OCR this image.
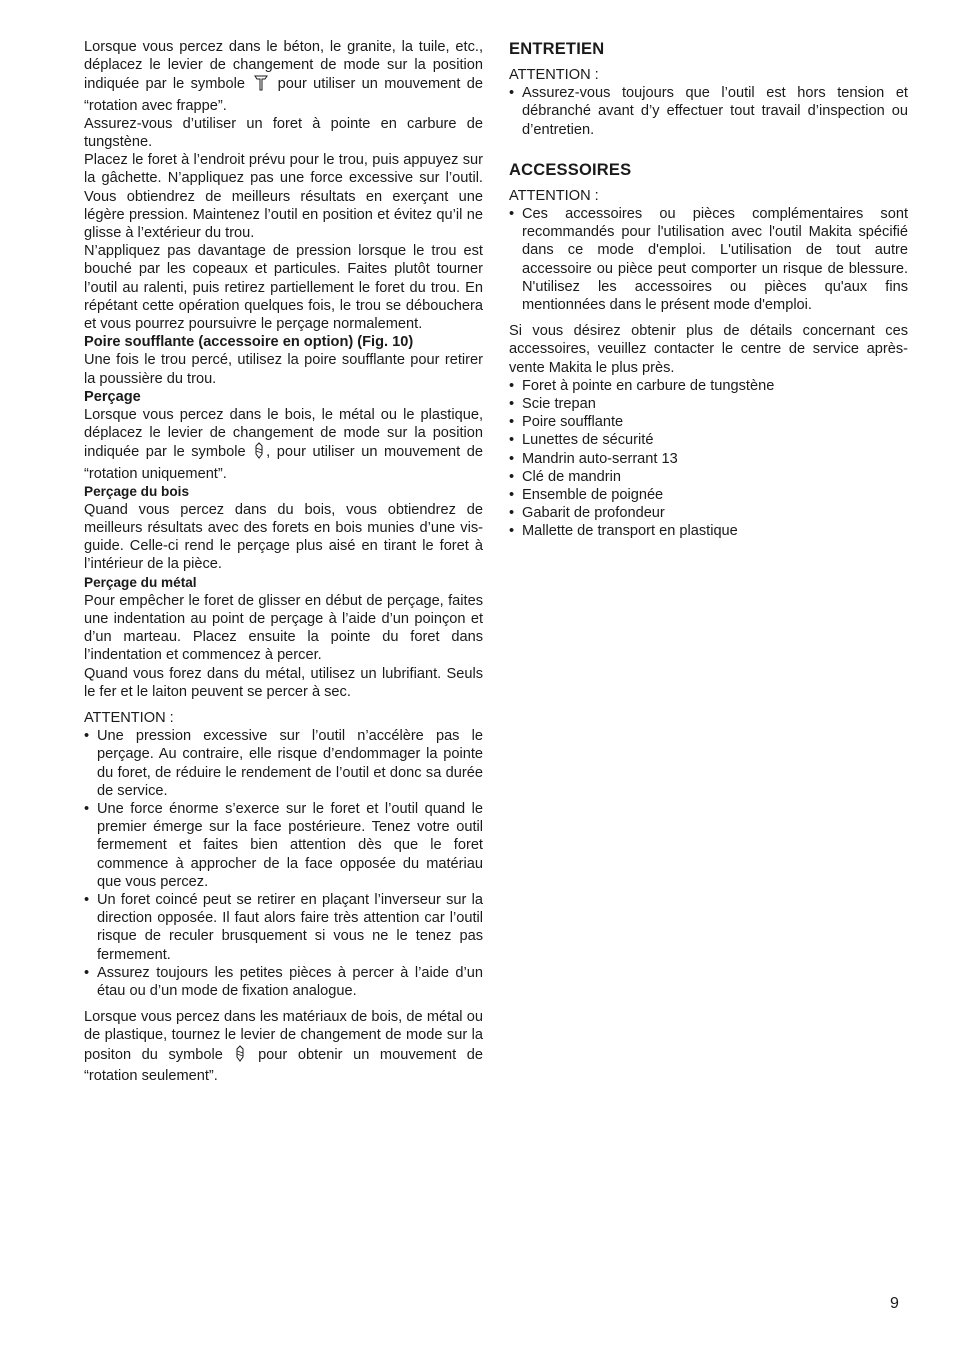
Lorsque vous percez dans le béton, le granite, la tuile, etc., déplacez le levier de changement de mode sur la position indiquée par le symbole pour utiliser un mouvement de “rotation avec frappe”.

Assurez-vous d’utiliser un foret à pointe en carbure de tungstène.

Placez le foret à l’endroit prévu pour le trou, puis appuyez sur la gâchette. N’appliquez pas une force excessive sur l’outil. Vous obtiendrez de meilleurs résultats en exerçant une légère pression. Maintenez l’outil en position et évitez qu’il ne glisse à l’extérieur du trou.

N’appliquez pas davantage de pression lorsque le trou est bouché par les copeaux et particules. Faites plutôt tourner l’outil au ralenti, puis retirez partiellement le foret du trou. En répétant cette opération quelques fois, le trou se débouchera et vous pourrez poursuivre le perçage normalement.

Poire soufflante (accessoire en option) (Fig. 10)

Une fois le trou percé, utilisez la poire soufflante pour retirer la poussière du trou.

Perçage

Lorsque vous percez dans le bois, le métal ou le plastique, déplacez le levier de changement de mode sur la position indiquée par le symbole , pour utiliser un mouvement de “rotation uniquement”.

Perçage du bois

Quand vous percez dans du bois, vous obtiendrez de meilleurs résultats avec des forets en bois munies d’une vis-guide. Celle-ci rend le perçage plus aisé en tirant le foret à l’intérieur de la pièce.

Perçage du métal

Pour empêcher le foret de glisser en début de perçage, faites une indentation au point de perçage à l’aide d’un poinçon et d’un marteau. Placez ensuite la pointe du foret dans l’indentation et commencez à percer.

Quand vous forez dans du métal, utilisez un lubrifiant. Seuls le fer et le laiton peuvent se percer à sec.

ATTENTION :

• Une pression excessive sur l’outil n’accélère pas le perçage. Au contraire, elle risque d’endommager la pointe du foret, de réduire le rendement de l’outil et donc sa durée de service.
• Une force énorme s’exerce sur le foret et l’outil quand le premier émerge sur la face postérieure. Tenez votre outil fermement et faites bien attention dès que le foret commence à approcher de la face opposée du matériau que vous percez.
• Un foret coincé peut se retirer en plaçant l’inverseur sur la direction opposée. Il faut alors faire très attention car l’outil risque de reculer brusquement si vous ne le tenez pas fermement.
• Assurez toujours les petites pièces à percer à l’aide d’un étau ou d’un mode de fixation analogue.

Lorsque vous percez dans les matériaux de bois, de métal ou de plastique, tournez le levier de changement de mode sur la positon du symbole pour obtenir un mouvement de “rotation seulement”.

ENTRETIEN

ATTENTION :

• Assurez-vous toujours que l’outil est hors tension et débranché avant d’y effectuer tout travail d’inspection ou d’entretien.
ACCESSOIRES

ATTENTION :

• Ces accessoires ou pièces complémentaires sont recommandés pour l'utilisation avec l'outil Makita spécifié dans ce mode d'emploi. L'utilisation de tout autre accessoire ou pièce peut comporter un risque de blessure. N'utilisez les accessoires ou pièces qu'aux fins mentionnées dans le présent mode d'emploi.

Si vous désirez obtenir plus de détails concernant ces accessoires, veuillez contacter le centre de service après-vente Makita le plus près.

• Foret à pointe en carbure de tungstène
• Scie trepan
• Poire soufflante
• Lunettes de sécurité
• Mandrin auto-serrant 13
• Clé de mandrin
• Ensemble de poignée
• Gabarit de profondeur
• Mallette de transport en plastique
9
